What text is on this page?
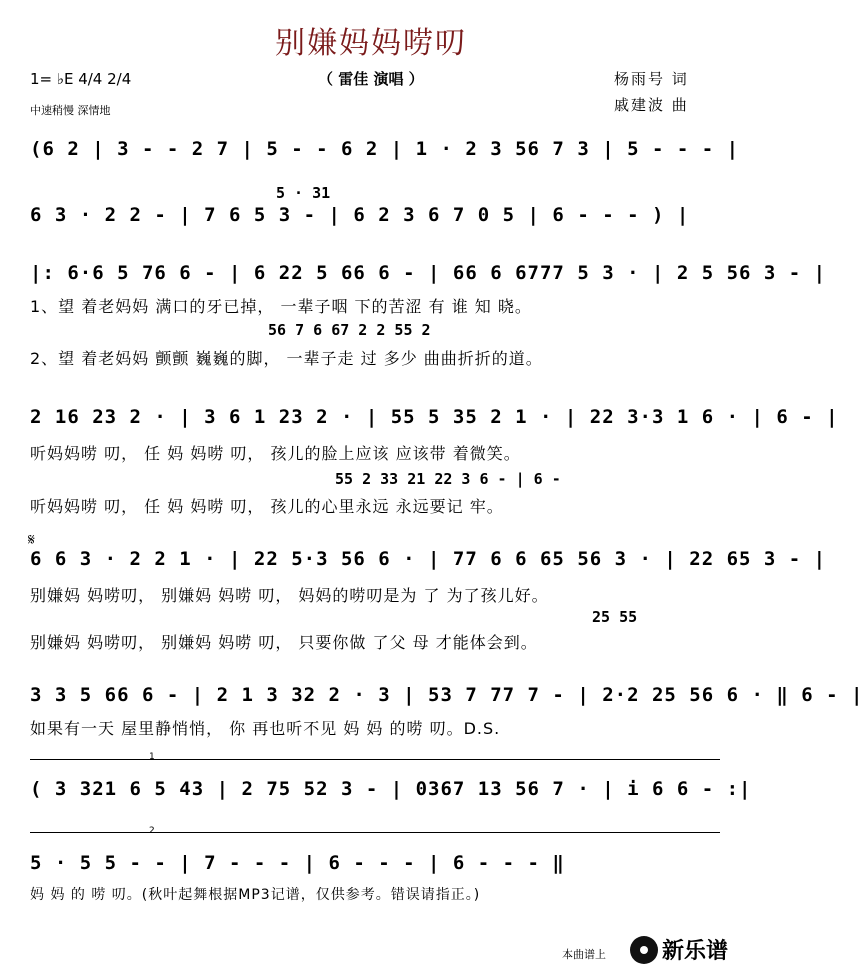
别嫌妈妈唠叨
1= ♭E 4/4 2/4	（ 雷佳 演唱 ）
中速稍慢 深情地
杨雨号 词
戚建波 曲
(6 2 | 3 - - 2 7 | 5 - - 6 2 | 1 · 2 3 56 7 3 | 5 - - - |
5 · 31
6 3 · 2 2 - | 7 6 5 3 - | 6 2 3 6 7 0 5 | 6 - - - ) |
|: 6·6 5 76 6 - | 6 22 5 66 6 - | 66 6 6777 5 3 · | 2 5 56 3 - |
1、望 着老妈妈 满口的牙已掉， 一辈子咽 下的苦涩 有 谁 知 晓。
56 7 6 67 2 2 55 2
2、望 着老妈妈 颤颤 巍巍的脚， 一辈子走 过 多少 曲曲折折的道。
2 16 23 2 · | 3 6 1 23 2 · | 55 5 35 2 1 · | 22 3·3 1 6 · | 6 - |
听妈妈唠 叨， 任 妈 妈唠 叨， 孩儿的脸上应该 应该带 着微笑。
55 2 33 21 22 3 6 - | 6 -
听妈妈唠 叨， 任 妈 妈唠 叨， 孩儿的心里永远 永远要记 牢。
𝄋
6 6 3 · 2 2 1 · | 22 5·3 56 6 · | 77 6 6 65 56 3 · | 22 65 3 - |
别嫌妈 妈唠叨， 别嫌妈 妈唠 叨， 妈妈的唠叨是为 了 为了孩儿好。
25 55
别嫌妈 妈唠叨， 别嫌妈 妈唠 叨， 只要你做 了父 母 才能体会到。
3 3 5 66 6 - | 2 1 3 32 2 · 3 | 53 7 77 7 - | 2·2 25 56 6 · ‖ 6 - |
如果有一天 屋里静悄悄， 你 再也听不见 妈 妈 的唠 叨。D.S.
1
( 3 321 6 5 43 | 2 75 52 3 - | 0367 13 56 7 · | i 6 6 - :|
2
5 · 5 5 - - | 7 - - - | 6 - - - | 6 - - - ‖
妈 妈 的 唠 叨。(秋叶起舞根据MP3记谱，仅供参考。错误请指正。)
本曲谱上	新乐谱
